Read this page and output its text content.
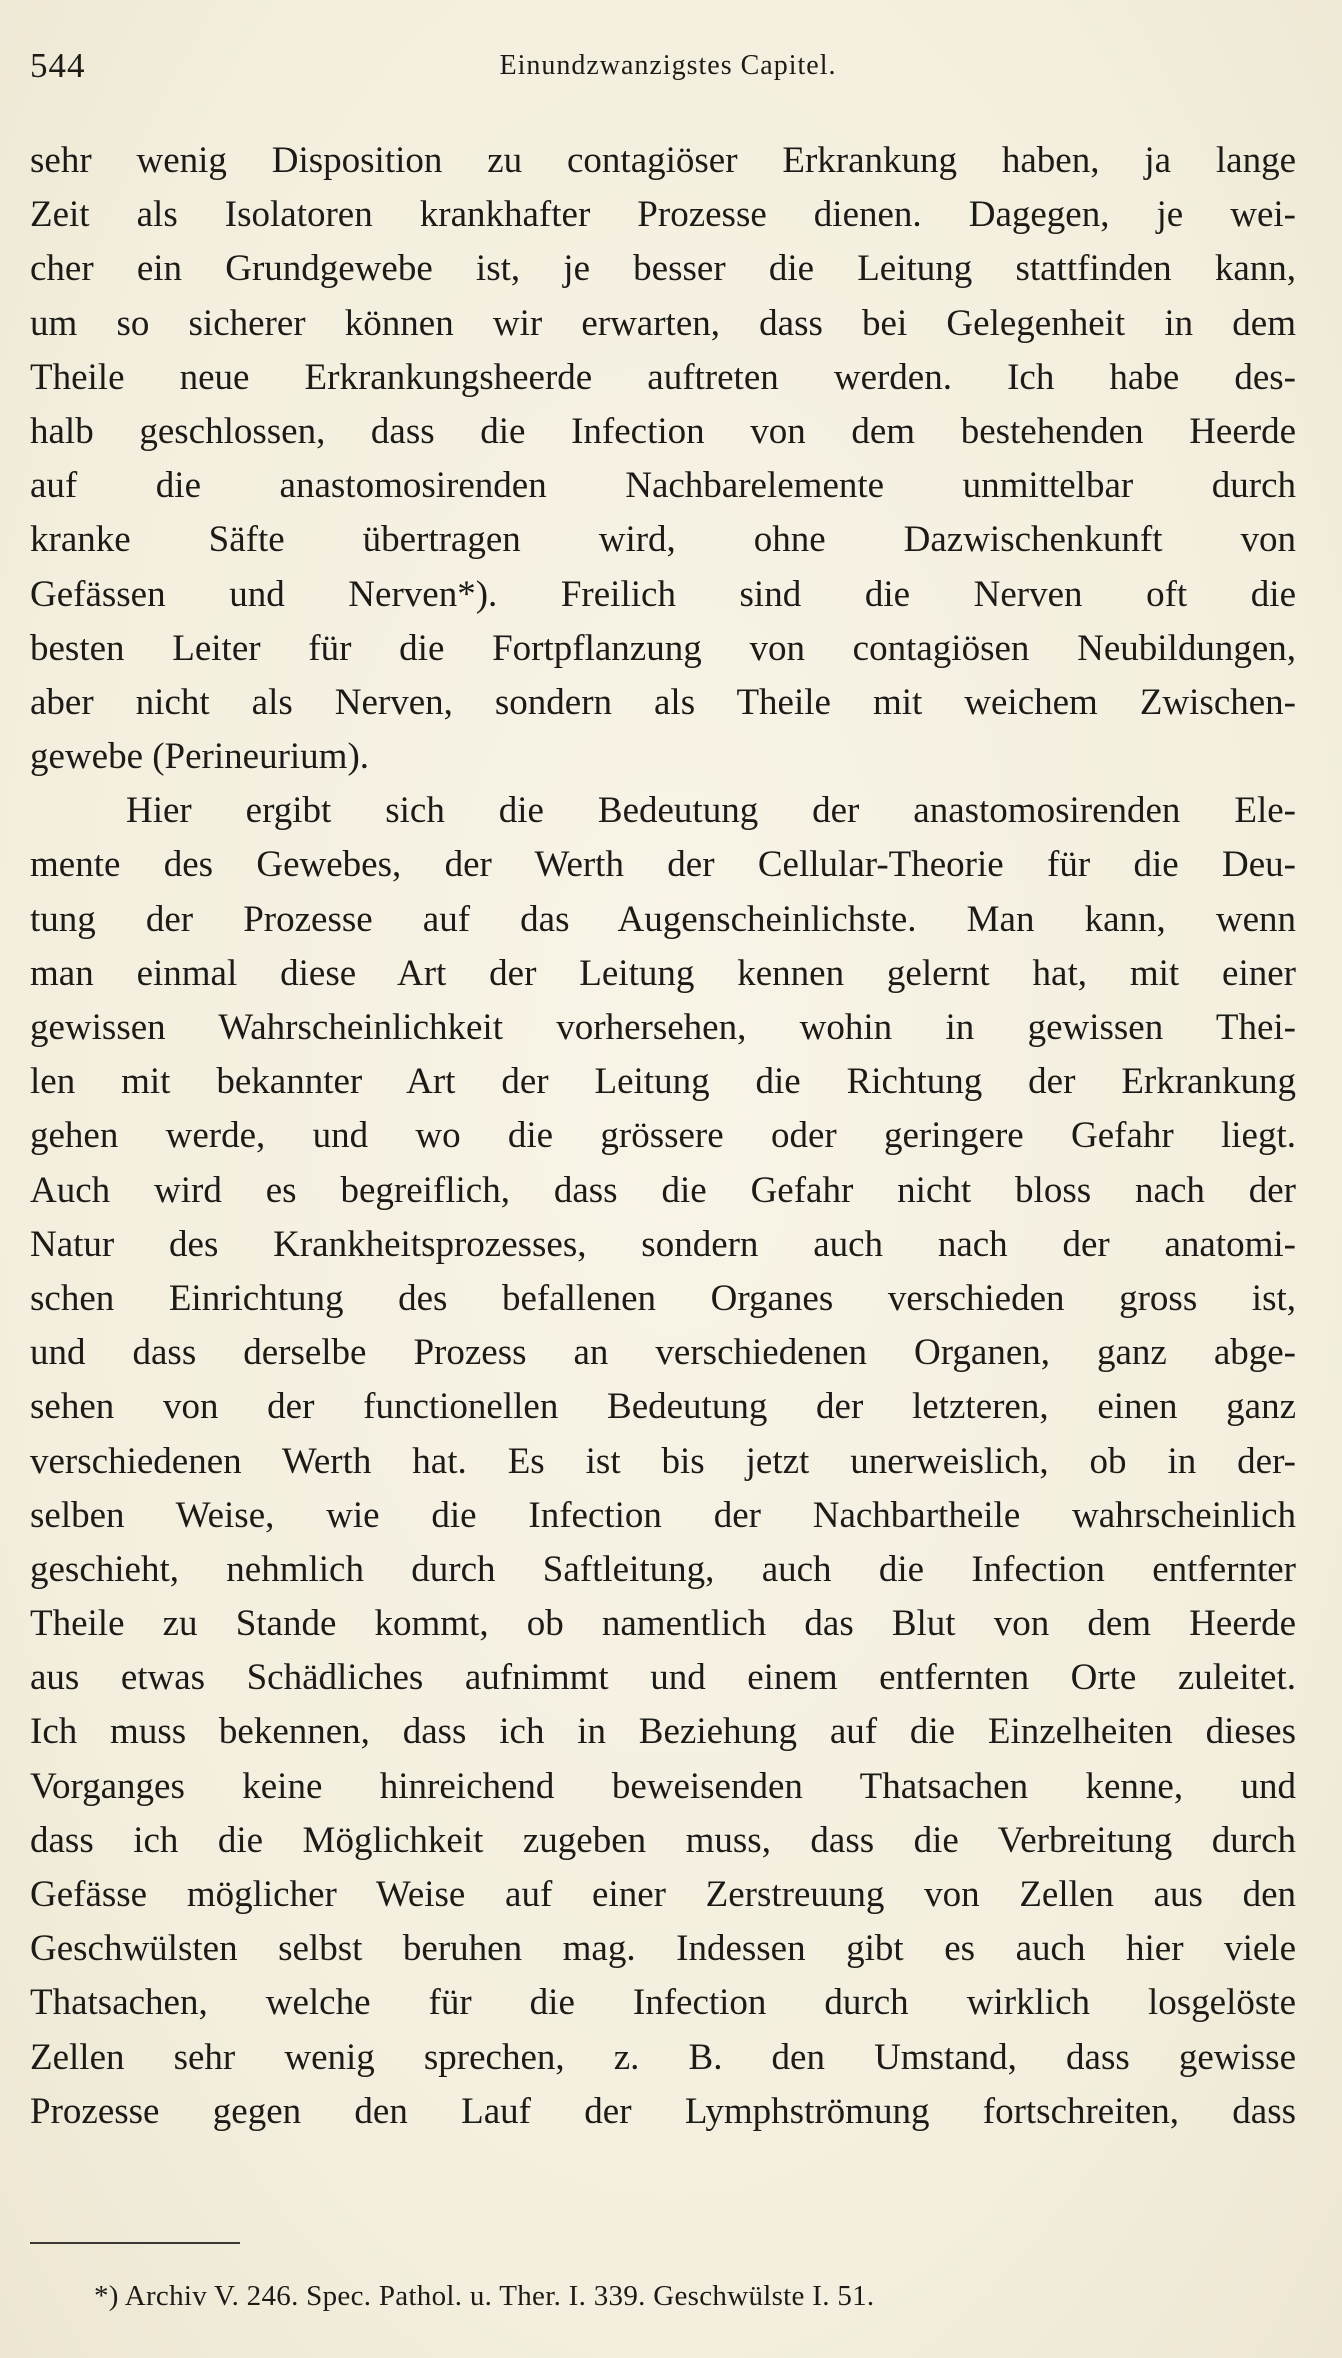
544	Einundzwanzigstes Capitel.
sehr wenig Disposition zu contagiöser Erkrankung haben, ja lange
Zeit als Isolatoren krankhafter Prozesse dienen. Dagegen, je wei-
cher ein Grundgewebe ist, je besser die Leitung stattfinden kann,
um so sicherer können wir erwarten, dass bei Gelegenheit in dem
Theile neue Erkrankungsheerde auftreten werden. Ich habe des-
halb geschlossen, dass die Infection von dem bestehenden Heerde
auf die anastomosirenden Nachbarelemente unmittelbar durch
kranke Säfte übertragen wird, ohne Dazwischenkunft von
Gefässen und Nerven*). Freilich sind die Nerven oft die
besten Leiter für die Fortpflanzung von contagiösen Neubildungen,
aber nicht als Nerven, sondern als Theile mit weichem Zwischen-
gewebe (Perineurium).
Hier ergibt sich die Bedeutung der anastomosirenden Ele-
mente des Gewebes, der Werth der Cellular-Theorie für die Deu-
tung der Prozesse auf das Augenscheinlichste. Man kann, wenn
man einmal diese Art der Leitung kennen gelernt hat, mit einer
gewissen Wahrscheinlichkeit vorhersehen, wohin in gewissen Thei-
len mit bekannter Art der Leitung die Richtung der Erkrankung
gehen werde, und wo die grössere oder geringere Gefahr liegt.
Auch wird es begreiflich, dass die Gefahr nicht bloss nach der
Natur des Krankheitsprozesses, sondern auch nach der anatomi-
schen Einrichtung des befallenen Organes verschieden gross ist,
und dass derselbe Prozess an verschiedenen Organen, ganz abge-
sehen von der functionellen Bedeutung der letzteren, einen ganz
verschiedenen Werth hat. Es ist bis jetzt unerweislich, ob in der-
selben Weise, wie die Infection der Nachbartheile wahrscheinlich
geschieht, nehmlich durch Saftleitung, auch die Infection entfernter
Theile zu Stande kommt, ob namentlich das Blut von dem Heerde
aus etwas Schädliches aufnimmt und einem entfernten Orte zuleitet.
Ich muss bekennen, dass ich in Beziehung auf die Einzelheiten dieses
Vorganges keine hinreichend beweisenden Thatsachen kenne, und
dass ich die Möglichkeit zugeben muss, dass die Verbreitung durch
Gefässe möglicher Weise auf einer Zerstreuung von Zellen aus den
Geschwülsten selbst beruhen mag. Indessen gibt es auch hier viele
Thatsachen, welche für die Infection durch wirklich losgelöste
Zellen sehr wenig sprechen, z. B. den Umstand, dass gewisse
Prozesse gegen den Lauf der Lymphströmung fortschreiten, dass
*) Archiv V. 246. Spec. Pathol. u. Ther. I. 339. Geschwülste I. 51.
